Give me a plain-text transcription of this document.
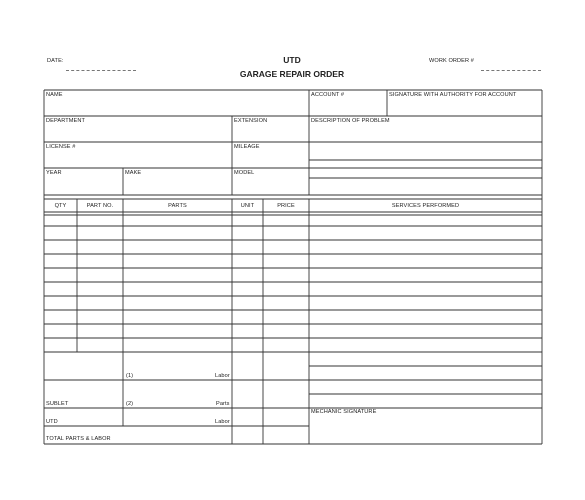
DATE:	UTD
GARAGE REPAIR ORDER
WORK ORDER #
NAME	ACCOUNT #	SIGNATURE WITH AUTHORITY FOR ACCOUNT
DEPARTMENT	EXTENSION	DESCRIPTION OF PROBLEM
LICENSE #	MILEAGE
YEAR	MAKE	MODEL
QTY	PART NO.	PARTS	UNIT	PRICE	SERVICES PERFORMED
(1)	Labor
SUBLET	(2)	Parts
UTD	Labor
MECHANIC SIGNATURE
TOTAL PARTS & LABOR
